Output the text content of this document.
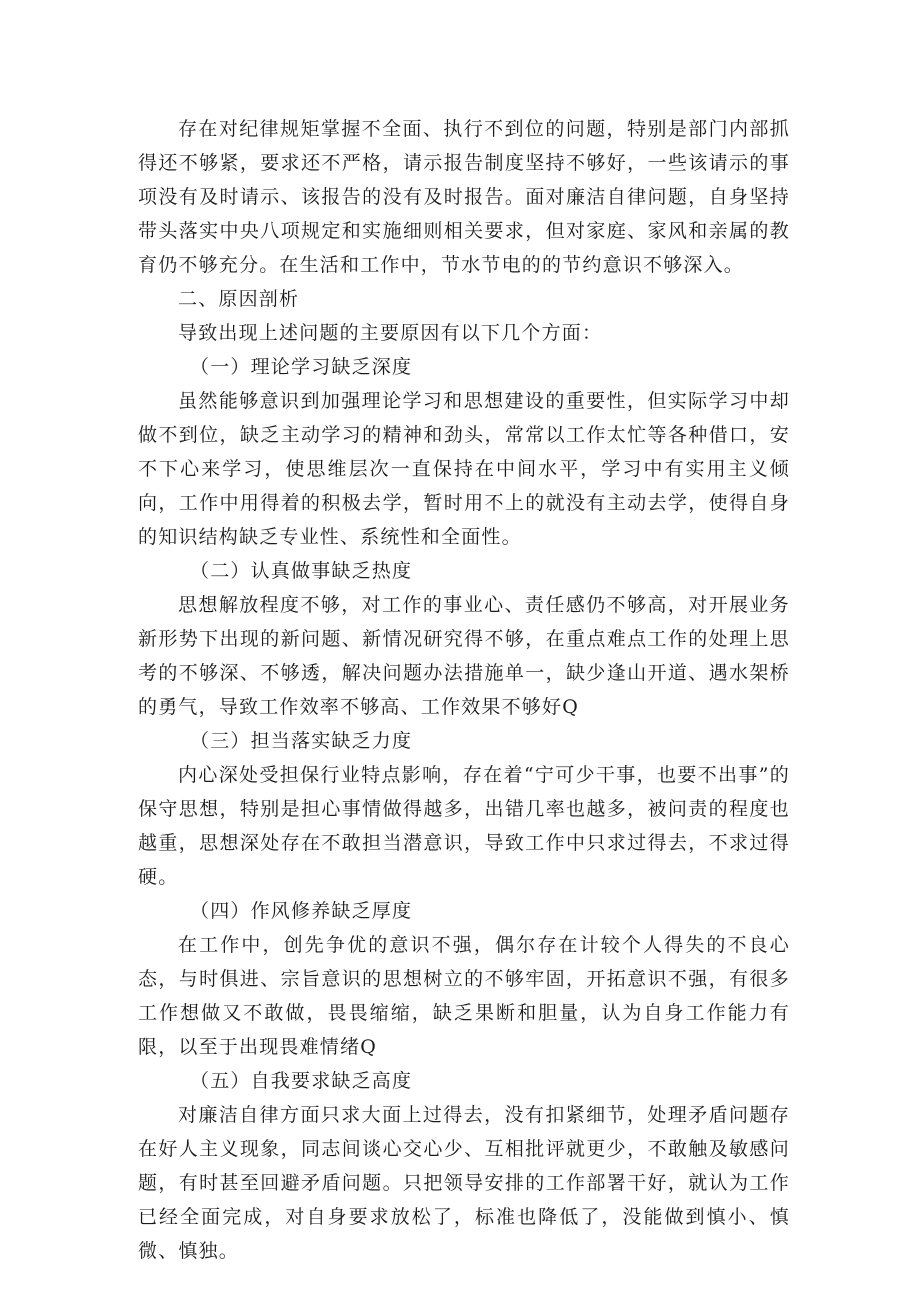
存在对纪律规矩掌握不全面、执行不到位的问题，特别是部门内部抓得还不够紧，要求还不严格，请示报告制度坚持不够好，一些该请示的事项没有及时请示、该报告的没有及时报告。面对廉洁自律问题，自身坚持带头落实中央八项规定和实施细则相关要求，但对家庭、家风和亲属的教育仍不够充分。在生活和工作中，节水节电的的节约意识不够深入。

二、原因剖析

导致出现上述问题的主要原因有以下几个方面：

（一）理论学习缺乏深度

虽然能够意识到加强理论学习和思想建设的重要性，但实际学习中却做不到位，缺乏主动学习的精神和劲头，常常以工作太忙等各种借口，安不下心来学习，使思维层次一直保持在中间水平，学习中有实用主义倾向，工作中用得着的积极去学，暂时用不上的就没有主动去学，使得自身的知识结构缺乏专业性、系统性和全面性。

（二）认真做事缺乏热度

思想解放程度不够，对工作的事业心、责任感仍不够高，对开展业务新形势下出现的新问题、新情况研究得不够，在重点难点工作的处理上思考的不够深、不够透，解决问题办法措施单一，缺少逢山开道、遇水架桥的勇气，导致工作效率不够高、工作效果不够好Q

（三）担当落实缺乏力度

内心深处受担保行业特点影响，存在着“宁可少干事，也要不出事”的保守思想，特别是担心事情做得越多，出错几率也越多，被问责的程度也越重，思想深处存在不敢担当潜意识，导致工作中只求过得去，不求过得硬。

（四）作风修养缺乏厚度

在工作中，创先争优的意识不强，偶尔存在计较个人得失的不良心态，与时俱进、宗旨意识的思想树立的不够牢固，开拓意识不强，有很多工作想做又不敢做，畏畏缩缩，缺乏果断和胆量，认为自身工作能力有限，以至于出现畏难情绪Q

（五）自我要求缺乏高度

对廉洁自律方面只求大面上过得去，没有扣紧细节，处理矛盾问题存在好人主义现象，同志间谈心交心少、互相批评就更少，不敢触及敏感问题，有时甚至回避矛盾问题。只把领导安排的工作部署干好，就认为工作已经全面完成，对自身要求放松了，标准也降低了，没能做到慎小、慎微、慎独。
